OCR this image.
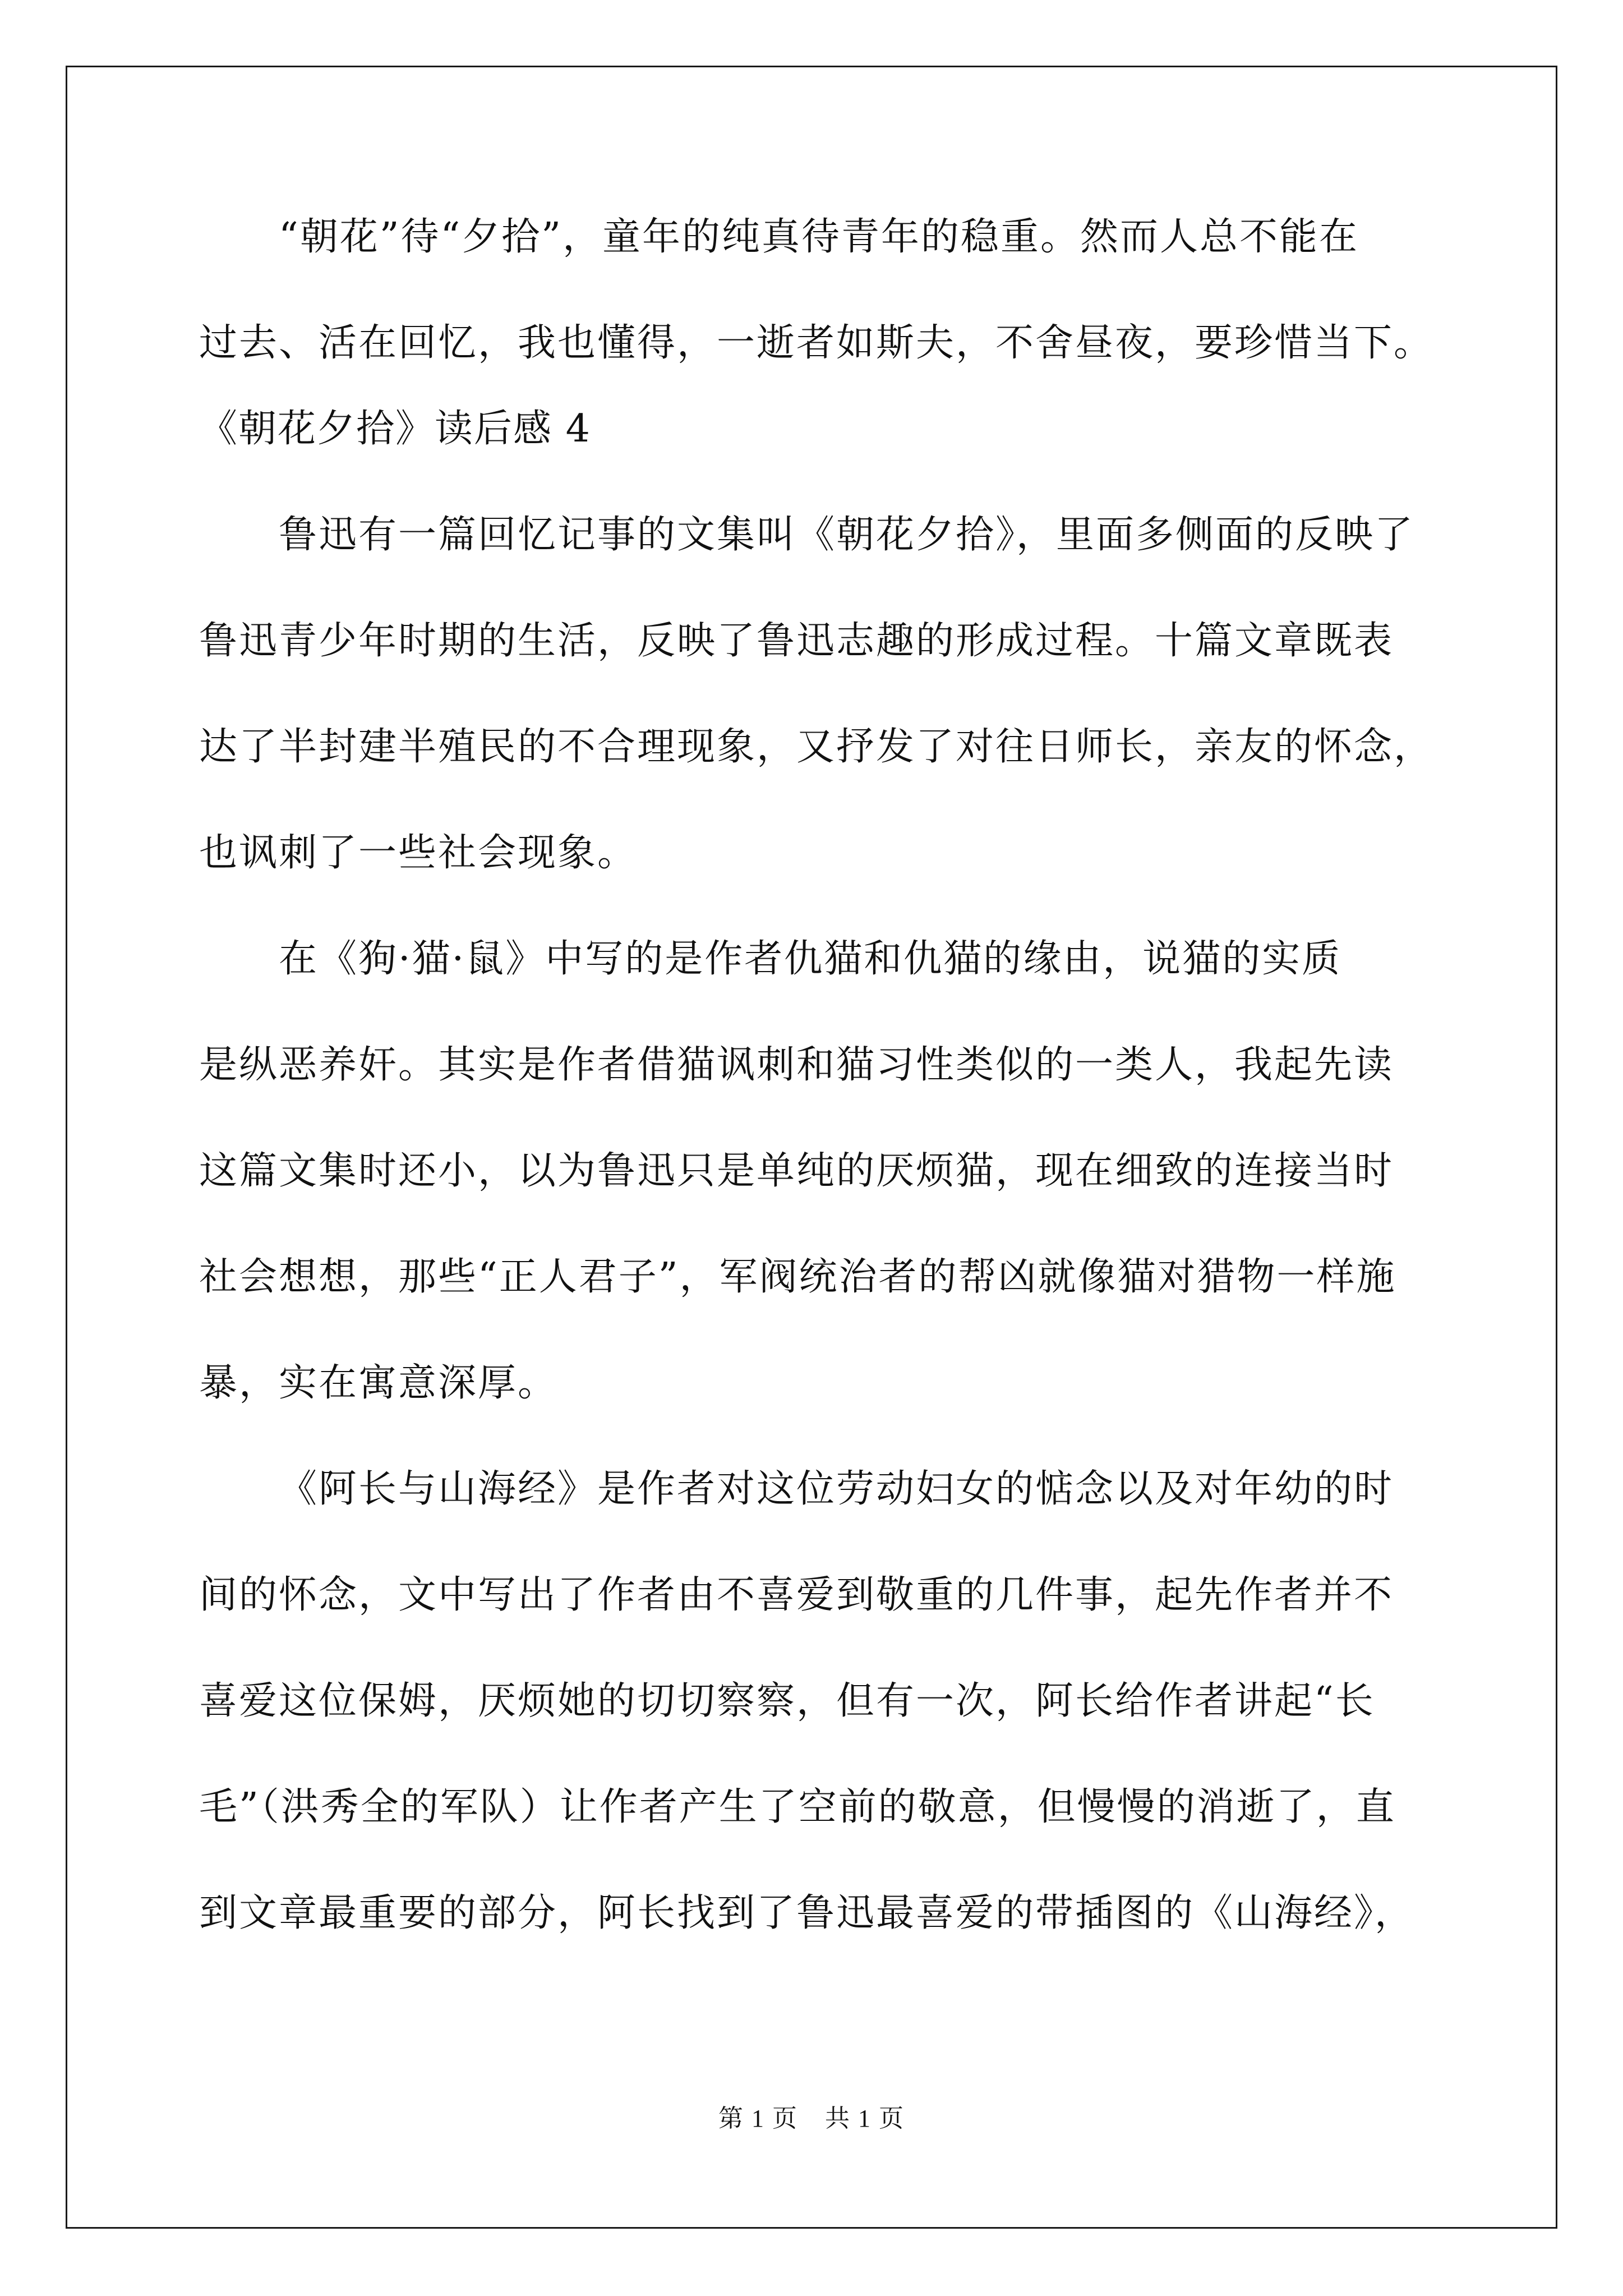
“朝花”待“夕拾”，童年的纯真待青年的稳重。然而人总不能在
过去、活在回忆，我也懂得，一逝者如斯夫，不舍昼夜，要珍惜当下。
《朝花夕拾》读后感 4
鲁迅有一篇回忆记事的文集叫《朝花夕拾》，里面多侧面的反映了
鲁迅青少年时期的生活，反映了鲁迅志趣的形成过程。十篇文章既表
达了半封建半殖民的不合理现象，又抒发了对往日师长，亲友的怀念，
也讽刺了一些社会现象。
在《狗·猫·鼠》中写的是作者仇猫和仇猫的缘由，说猫的实质
是纵恶养奸。其实是作者借猫讽刺和猫习性类似的一类人，我起先读
这篇文集时还小，以为鲁迅只是单纯的厌烦猫，现在细致的连接当时
社会想想，那些“正人君子”，军阀统治者的帮凶就像猫对猎物一样施
暴，实在寓意深厚。
《阿长与山海经》是作者对这位劳动妇女的惦念以及对年幼的时
间的怀念，文中写出了作者由不喜爱到敬重的几件事，起先作者并不
喜爱这位保姆，厌烦她的切切察察，但有一次，阿长给作者讲起“长
毛”（洪秀全的军队）让作者产生了空前的敬意，但慢慢的消逝了，直
到文章最重要的部分，阿长找到了鲁迅最喜爱的带插图的《山海经》，
第 1 页 共 1 页
